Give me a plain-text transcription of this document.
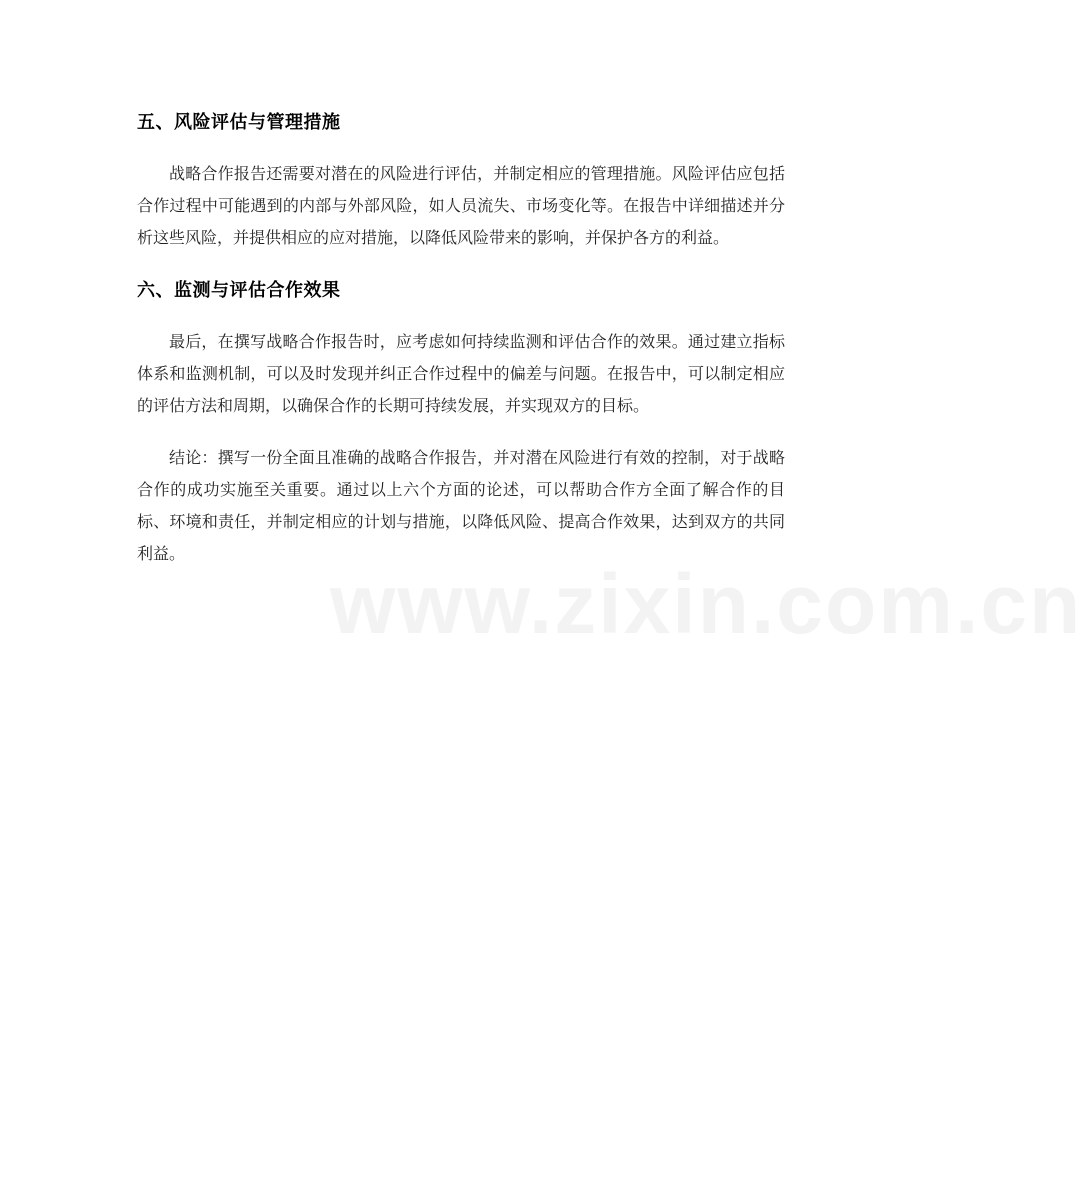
五、风险评估与管理措施

战略合作报告还需要对潜在的风险进行评估，并制定相应的管理措施。风险评估应包括合作过程中可能遇到的内部与外部风险，如人员流失、市场变化等。在报告中详细描述并分析这些风险，并提供相应的应对措施，以降低风险带来的影响，并保护各方的利益。

六、监测与评估合作效果

最后，在撰写战略合作报告时，应考虑如何持续监测和评估合作的效果。通过建立指标体系和监测机制，可以及时发现并纠正合作过程中的偏差与问题。在报告中，可以制定相应的评估方法和周期，以确保合作的长期可持续发展，并实现双方的目标。

结论：撰写一份全面且准确的战略合作报告，并对潜在风险进行有效的控制，对于战略合作的成功实施至关重要。通过以上六个方面的论述，可以帮助合作方全面了解合作的目标、环境和责任，并制定相应的计划与措施，以降低风险、提高合作效果，达到双方的共同利益。

www.zixin.com.cn
